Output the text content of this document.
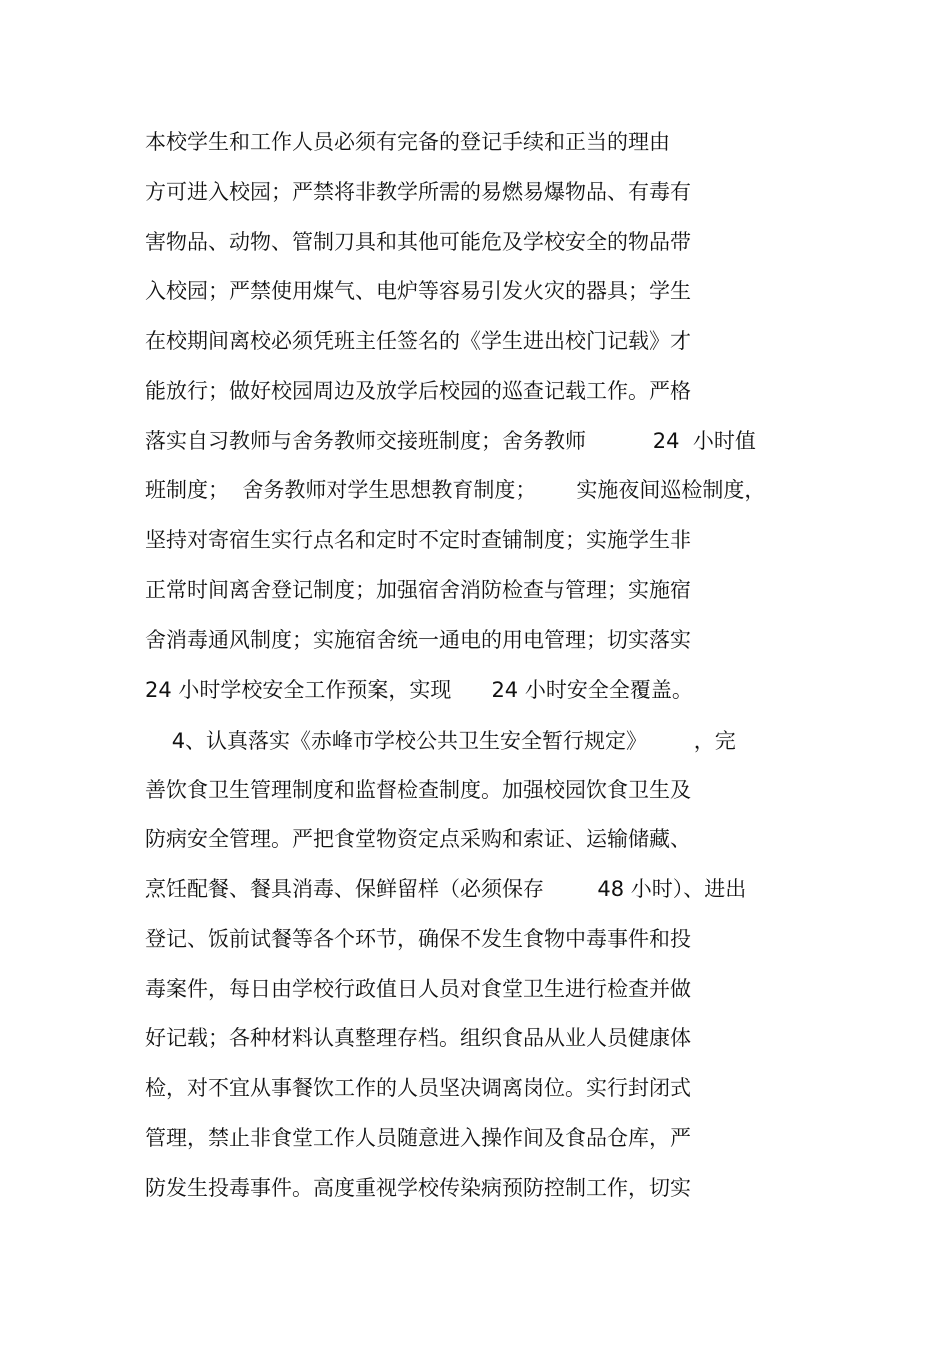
本校学生和工作人员必须有完备的登记手续和正当的理由
方可进入校园；严禁将非教学所需的易燃易爆物品、有毒有
害物品、动物、管制刀具和其他可能危及学校安全的物品带
入校园；严禁使用煤气、电炉等容易引发火灾的器具；学生
在校期间离校必须凭班主任签名的《学生进出校门记载》才
能放行；做好校园周边及放学后校园的巡查记载工作。严格
落实自习教师与舍务教师交接班制度；舍务教师          24  小时值
班制度；  舍务教师对学生思想教育制度；      实施夜间巡检制度，
坚持对寄宿生实行点名和定时不定时查铺制度；实施学生非
正常时间离舍登记制度；加强宿舍消防检查与管理；实施宿
舍消毒通风制度；实施宿舍统一通电的用电管理；切实落实
24 小时学校安全工作预案，实现      24 小时安全全覆盖。
4、认真落实《赤峰市学校公共卫生安全暂行规定》       ，完
善饮食卫生管理制度和监督检查制度。加强校园饮食卫生及
防病安全管理。严把食堂物资定点采购和索证、运输储藏、
烹饪配餐、餐具消毒、保鲜留样（必须保存        48 小时）、进出
登记、饭前试餐等各个环节，确保不发生食物中毒事件和投
毒案件，每日由学校行政值日人员对食堂卫生进行检查并做
好记载；各种材料认真整理存档。组织食品从业人员健康体
检，对不宜从事餐饮工作的人员坚决调离岗位。实行封闭式
管理，禁止非食堂工作人员随意进入操作间及食品仓库，严
防发生投毒事件。高度重视学校传染病预防控制工作，切实
